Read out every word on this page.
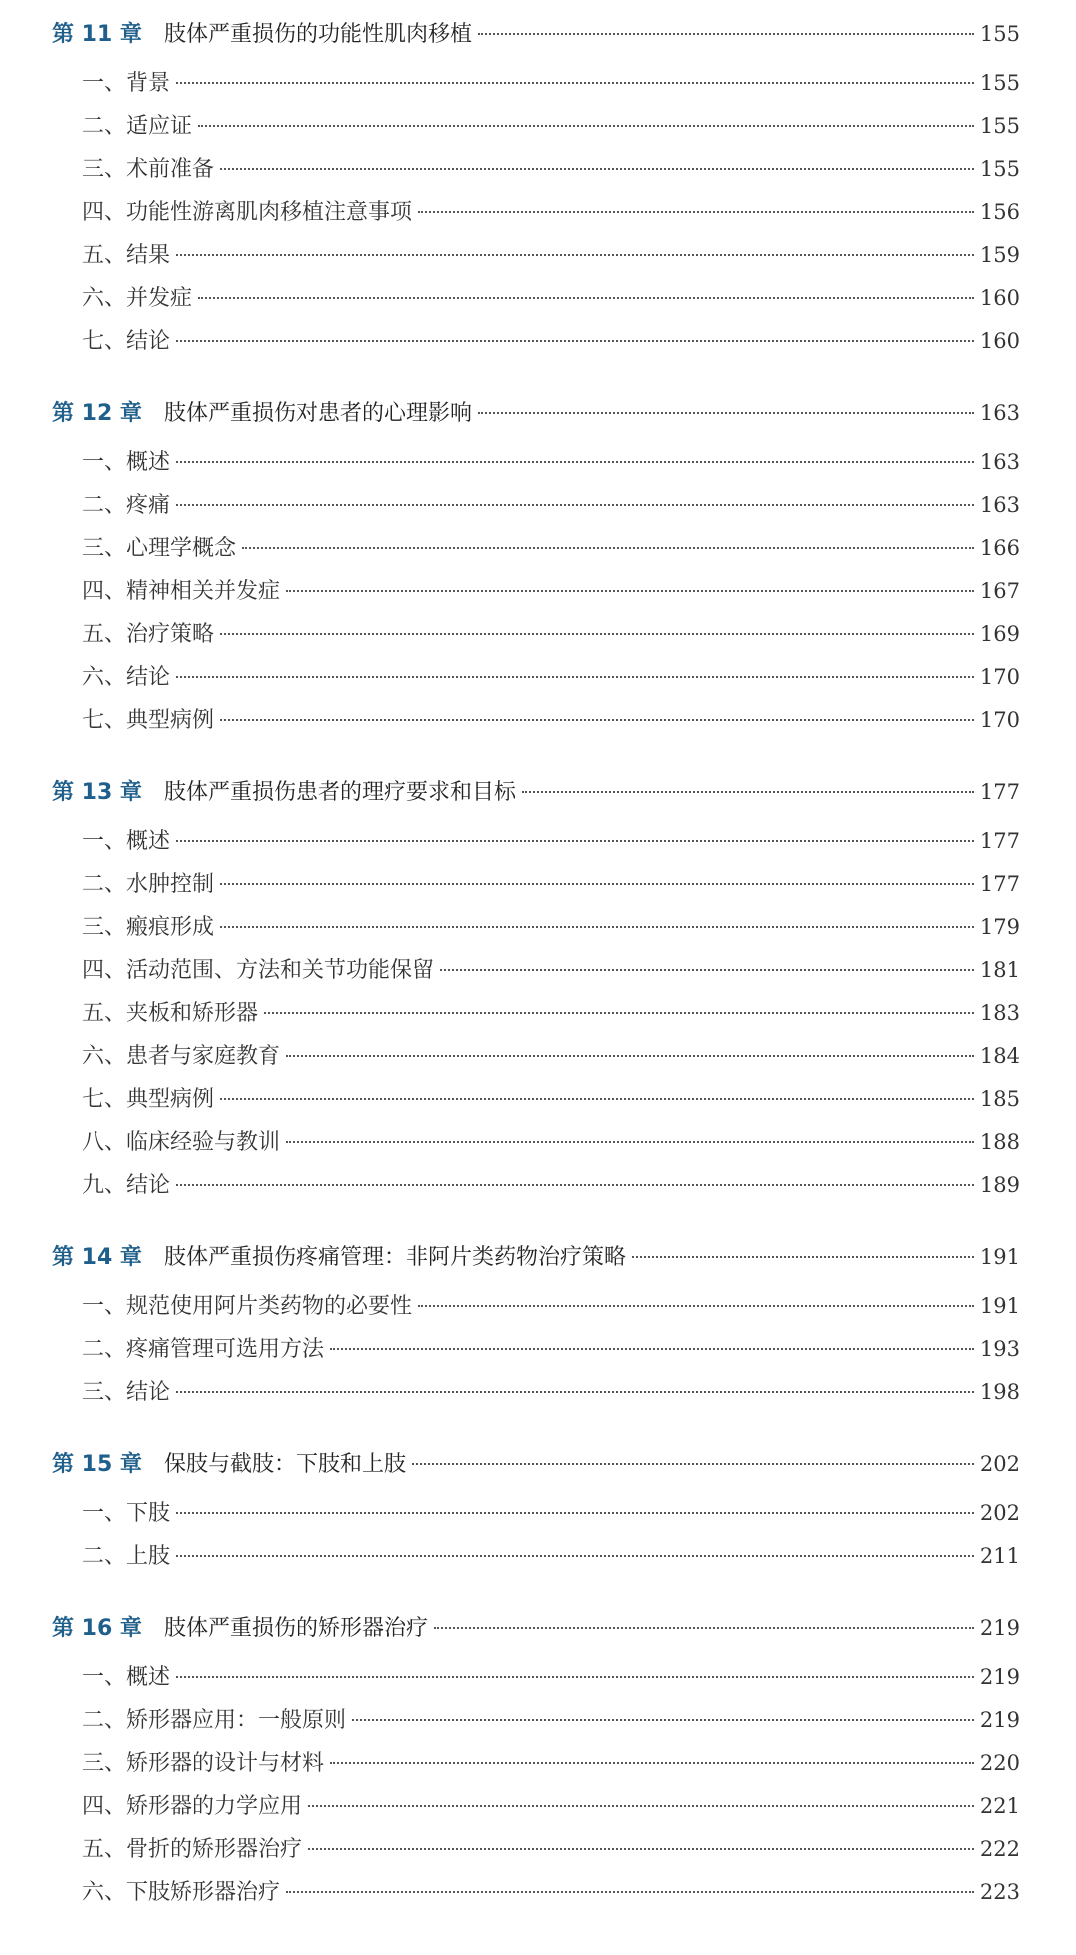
第 11 章 肢体严重损伤的功能性肌肉移植	155
一、背景	155
二、适应证	155
三、术前准备	155
四、功能性游离肌肉移植注意事项	156
五、结果	159
六、并发症	160
七、结论	160
第 12 章 肢体严重损伤对患者的心理影响	163
一、概述	163
二、疼痛	163
三、心理学概念	166
四、精神相关并发症	167
五、治疗策略	169
六、结论	170
七、典型病例	170
第 13 章 肢体严重损伤患者的理疗要求和目标	177
一、概述	177
二、水肿控制	177
三、瘢痕形成	179
四、活动范围、方法和关节功能保留	181
五、夹板和矫形器	183
六、患者与家庭教育	184
七、典型病例	185
八、临床经验与教训	188
九、结论	189
第 14 章 肢体严重损伤疼痛管理：非阿片类药物治疗策略	191
一、规范使用阿片类药物的必要性	191
二、疼痛管理可选用方法	193
三、结论	198
第 15 章 保肢与截肢：下肢和上肢	202
一、下肢	202
二、上肢	211
第 16 章 肢体严重损伤的矫形器治疗	219
一、概述	219
二、矫形器应用：一般原则	219
三、矫形器的设计与材料	220
四、矫形器的力学应用	221
五、骨折的矫形器治疗	222
六、下肢矫形器治疗	223
